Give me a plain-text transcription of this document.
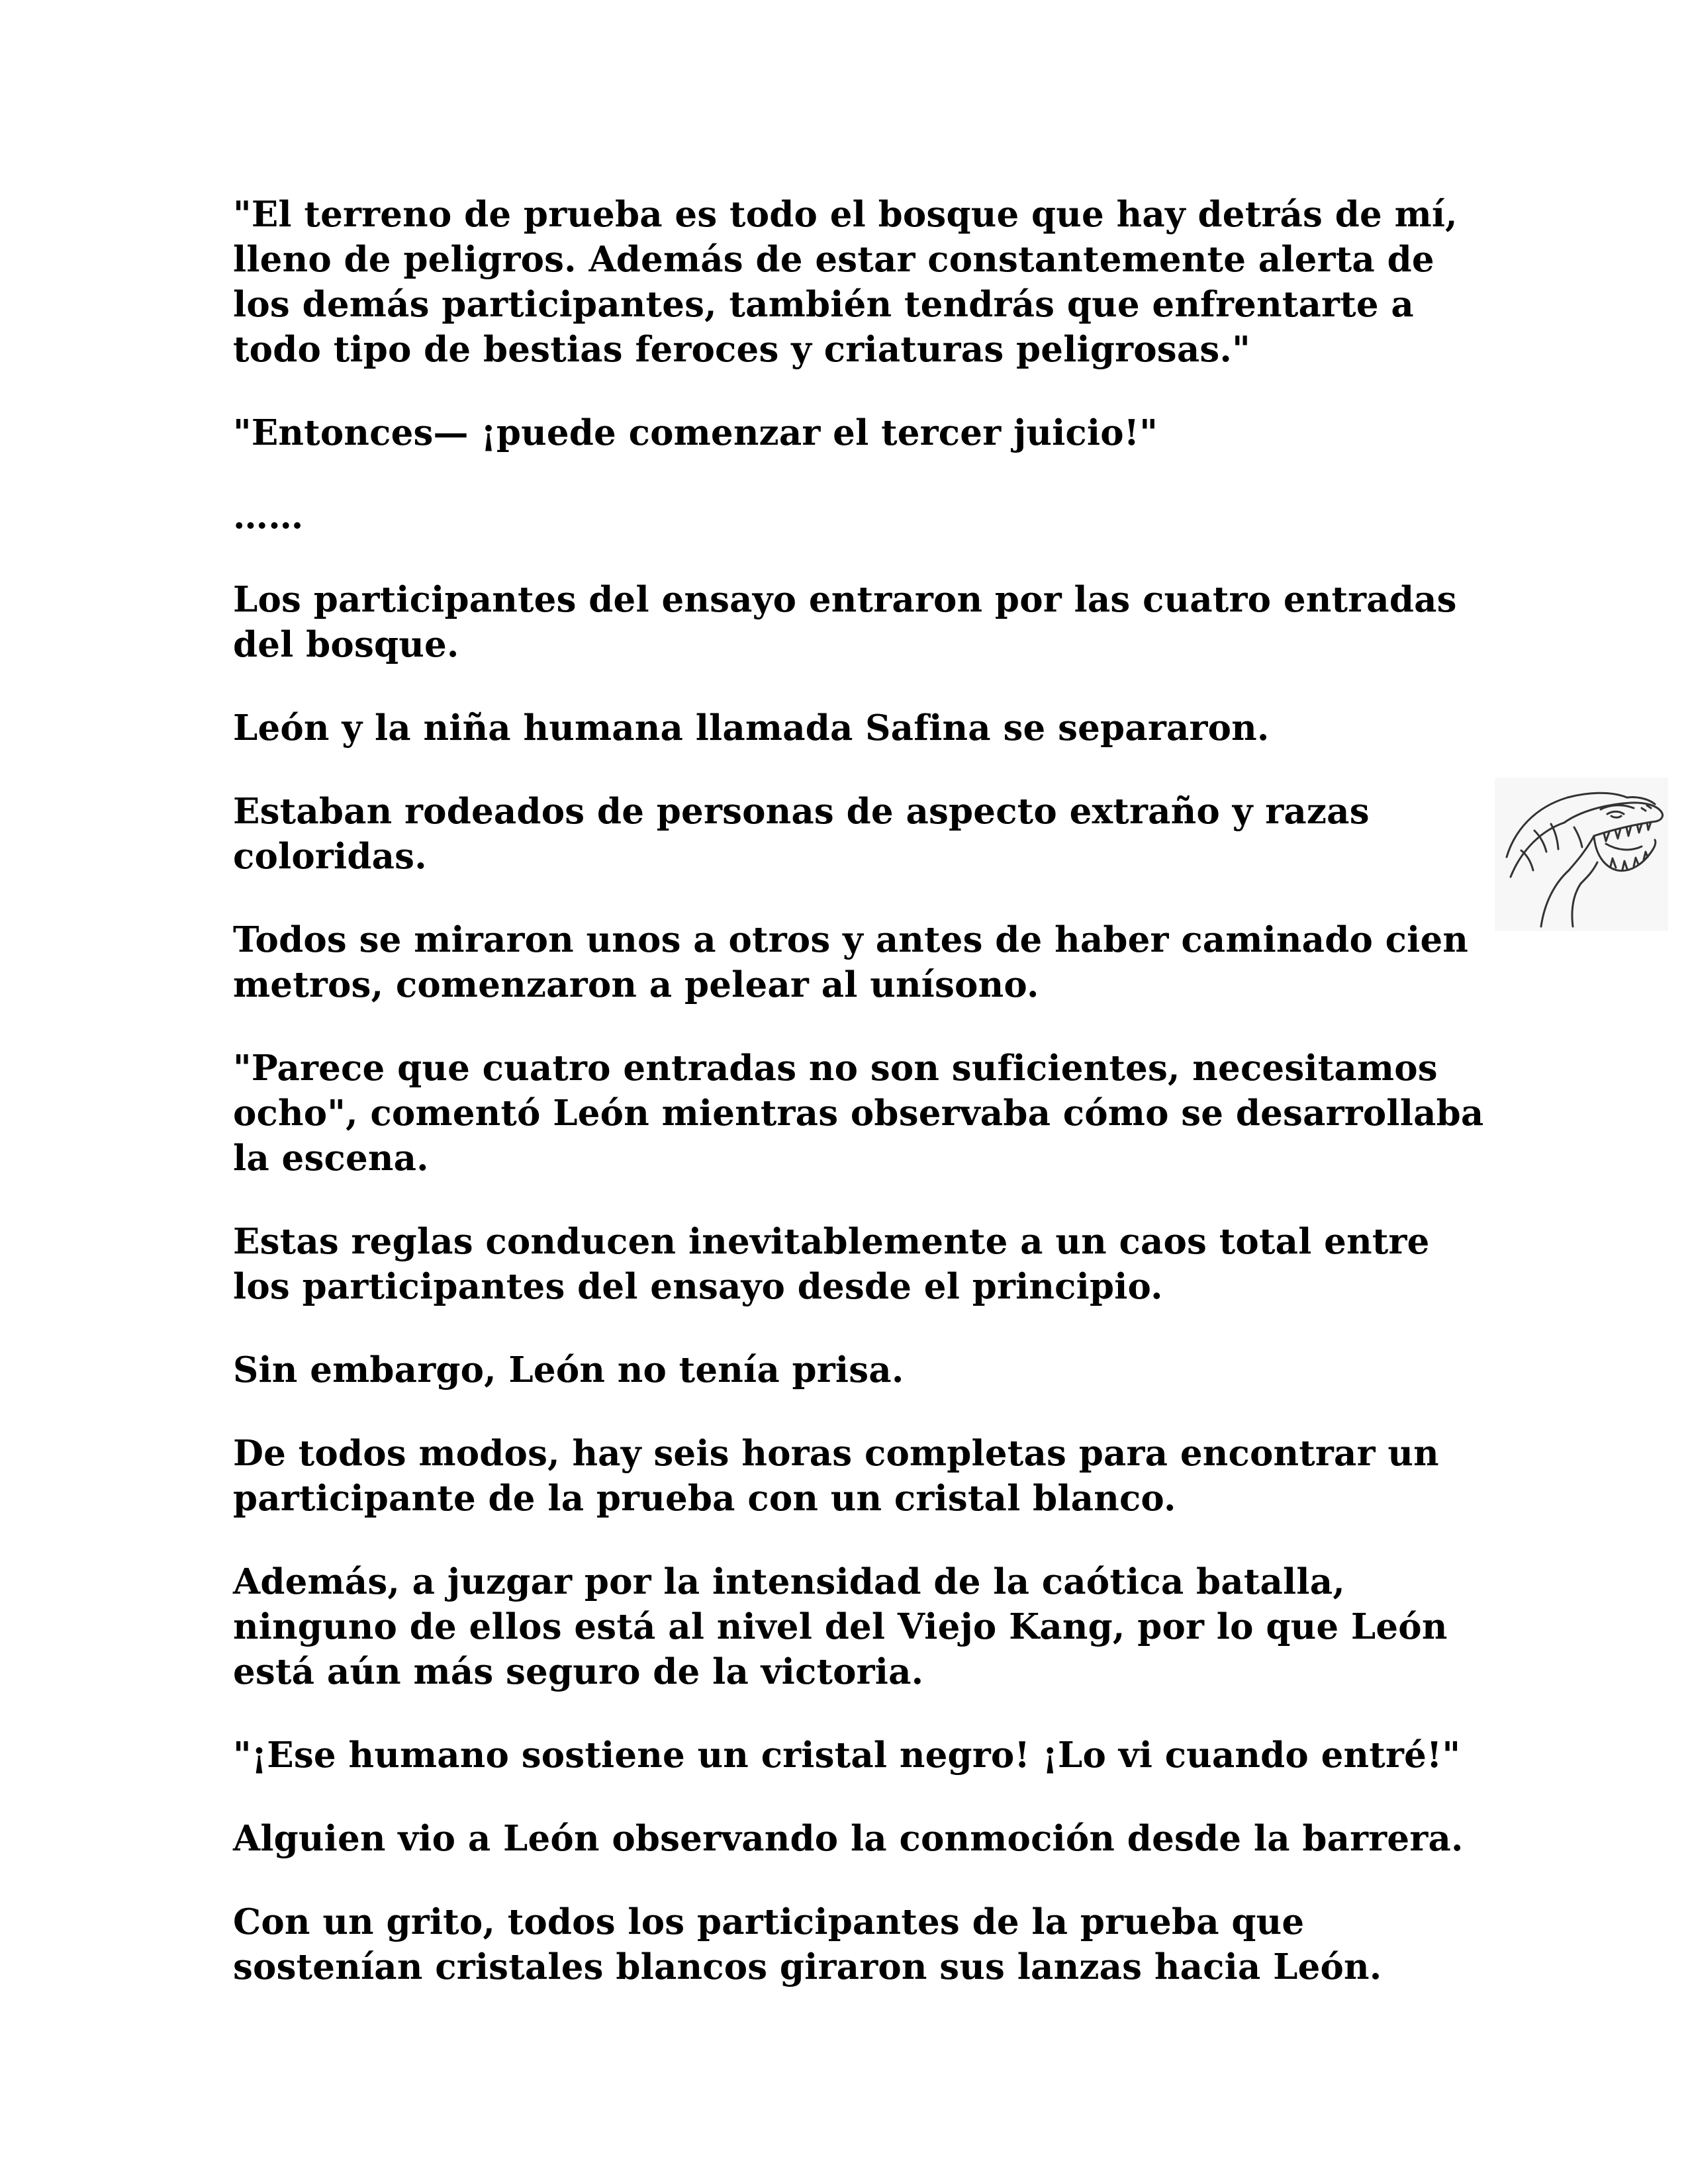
"El terreno de prueba es todo el bosque que hay detrás de mí,
lleno de peligros. Además de estar constantemente alerta de
los demás participantes, también tendrás que enfrentarte a
todo tipo de bestias feroces y criaturas peligrosas."

"Entonces— ¡puede comenzar el tercer juicio!"

……

Los participantes del ensayo entraron por las cuatro entradas
del bosque.

León y la niña humana llamada Safina se separaron.

Estaban rodeados de personas de aspecto extraño y razas
coloridas.

Todos se miraron unos a otros y antes de haber caminado cien
metros, comenzaron a pelear al unísono.

"Parece que cuatro entradas no son suficientes, necesitamos
ocho", comentó León mientras observaba cómo se desarrollaba
la escena.

Estas reglas conducen inevitablemente a un caos total entre
los participantes del ensayo desde el principio.

Sin embargo, León no tenía prisa.

De todos modos, hay seis horas completas para encontrar un
participante de la prueba con un cristal blanco.

Además, a juzgar por la intensidad de la caótica batalla,
ninguno de ellos está al nivel del Viejo Kang, por lo que León
está aún más seguro de la victoria.

"¡Ese humano sostiene un cristal negro! ¡Lo vi cuando entré!"

Alguien vio a León observando la conmoción desde la barrera.

Con un grito, todos los participantes de la prueba que
sostenían cristales blancos giraron sus lanzas hacia León.
